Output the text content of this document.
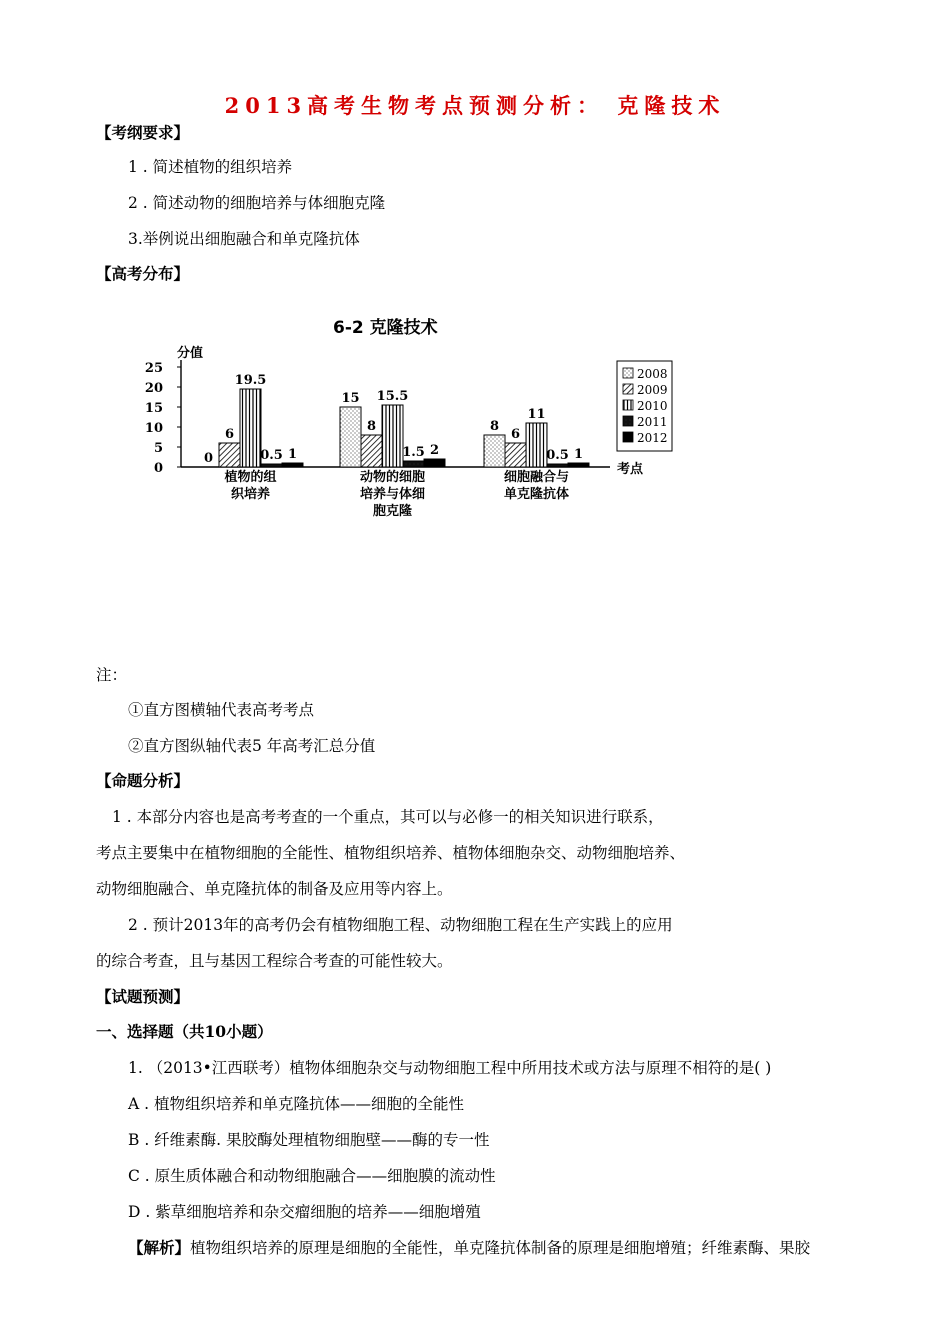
2013高考生物考点预测分析： 克隆技术
【考纲要求】
1 . 简述植物的组织培养
2 . 简述动物的细胞培养与体细胞克隆
3.举例说出细胞融合和单克隆抗体
【高考分布】
6-2 克隆技术
分值
考点
25
20
15
10
5
0
0
6
19.5
0.5 1
植物的组
织培养
15
8
15.5
1.5 2
动物的细胞
培养与体细
胞克隆
8
6
11
0.5 1
细胞融合与
单克隆抗体
2008
2009
2010
2011
2012
注：
①直方图横轴代表高考考点
②直方图纵轴代表5 年高考汇总分值
【命题分析】
1 . 本部分内容也是高考考查的一个重点，其可以与必修一的相关知识进行联系，
考点主要集中在植物细胞的全能性、植物组织培养、植物体细胞杂交、动物细胞培养、
动物细胞融合、单克隆抗体的制备及应用等内容上。
2 . 预计2013年的高考仍会有植物细胞工程、动物细胞工程在生产实践上的应用
的综合考查，且与基因工程综合考查的可能性较大。
【试题预测】
一、选择题（共10小题）
1. （2013•江西联考）植物体细胞杂交与动物细胞工程中所用技术或方法与原理不相符的是( )
A . 植物组织培养和单克隆抗体——细胞的全能性
B . 纤维素酶. 果胶酶处理植物细胞壁——酶的专一性
C . 原生质体融合和动物细胞融合——细胞膜的流动性
D . 紫草细胞培养和杂交瘤细胞的培养——细胞增殖
【解析】植物组织培养的原理是细胞的全能性，单克隆抗体制备的原理是细胞增殖；纤维素酶、果胶
